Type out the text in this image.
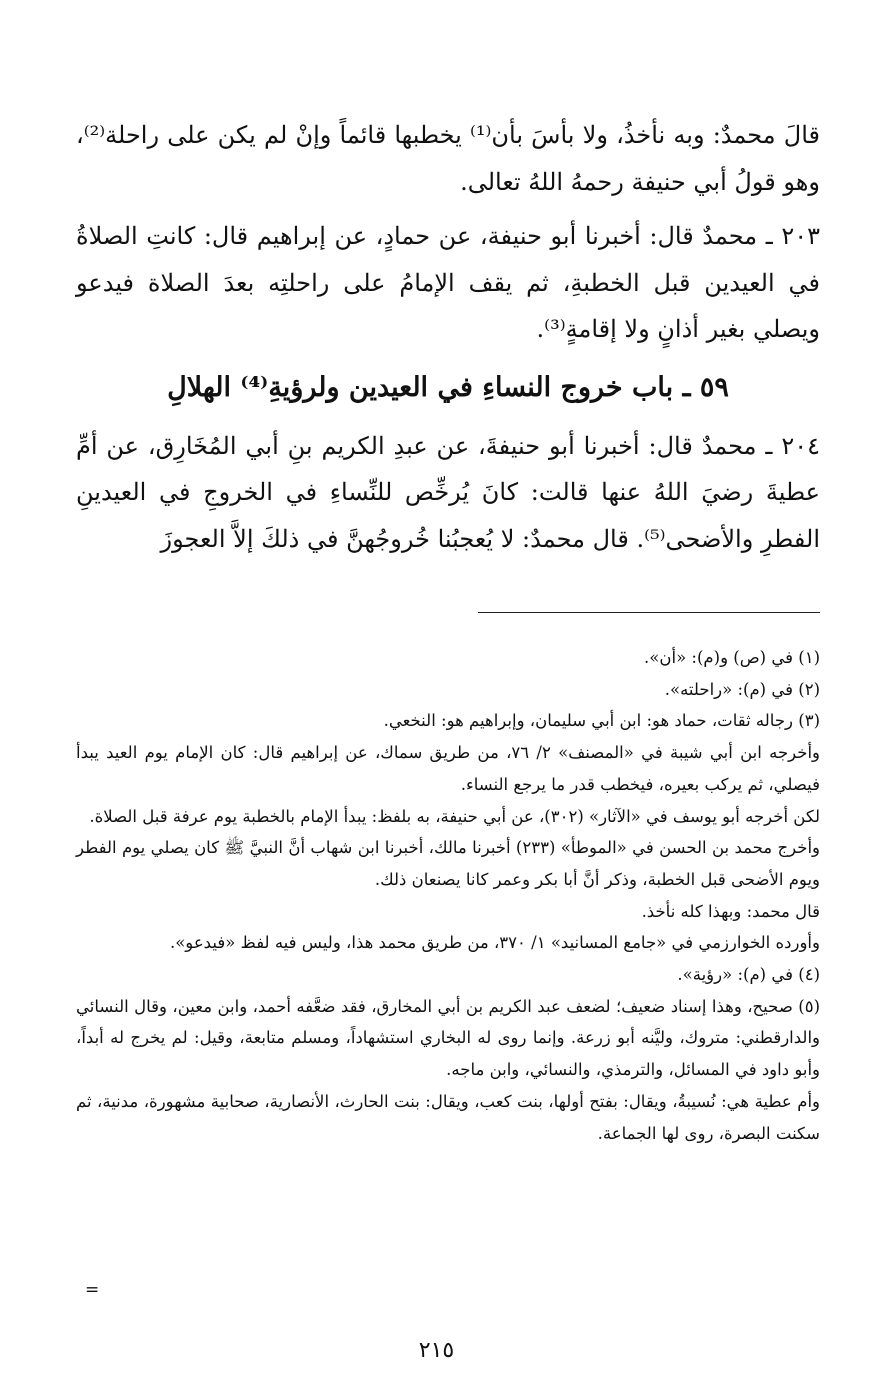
قالَ محمدٌ: وبه نأخذُ، ولا بأسَ بأن⁽¹⁾ يخطبها قائماً وإنْ لم يكن على راحلة⁽²⁾، وهو قولُ أبي حنيفة رحمهُ اللهُ تعالى.

٢٠٣ ـ محمدٌ قال: أخبرنا أبو حنيفة، عن حمادٍ، عن إبراهيم قال: كانتِ الصلاةُ في العيدين قبل الخطبةِ، ثم يقف الإمامُ على راحلتِه بعدَ الصلاة فيدعو ويصلي بغير أذانٍ ولا إقامةٍ⁽³⁾.

٥٩ ـ باب خروج النساءِ في العيدين ولرؤيةِ⁽⁴⁾ الهلالِ

٢٠٤ ـ محمدٌ قال: أخبرنا أبو حنيفةَ، عن عبدِ الكريم بنِ أبي المُخَارِق، عن أمِّ عطيةَ رضيَ اللهُ عنها قالت: كانَ يُرخِّص للنِّساءِ في الخروجِ في العيدينِ الفطرِ والأضحى⁽⁵⁾. قال محمدٌ: لا يُعجبُنا خُروجُهنَّ في ذلكَ إلاَّ العجوزَ

(١) في (ص) و(م): «أن».

(٢) في (م): «راحلته».

(٣) رجاله ثقات، حماد هو: ابن أبي سليمان، وإبراهيم هو: النخعي.

وأخرجه ابن أبي شيبة في «المصنف» ٢/ ٧٦، من طريق سماك، عن إبراهيم قال: كان الإمام يوم العيد يبدأ فيصلي، ثم يركب بعيره، فيخطب قدر ما يرجع النساء.

لكن أخرجه أبو يوسف في «الآثار» (٣٠٢)، عن أبي حنيفة، به بلفظ: يبدأ الإمام بالخطبة يوم عرفة قبل الصلاة.

وأخرج محمد بن الحسن في «الموطأ» (٢٣٣) أخبرنا مالك، أخبرنا ابن شهاب أنَّ النبيَّ ﷺ كان يصلي يوم الفطر ويوم الأضحى قبل الخطبة، وذكر أنَّ أبا بكر وعمر كانا يصنعان ذلك.

قال محمد: وبهذا كله نأخذ.

وأورده الخوارزمي في «جامع المسانيد» ١/ ٣٧٠، من طريق محمد هذا، وليس فيه لفظ «فيدعو».

(٤) في (م): «رؤية».

(٥) صحيح، وهذا إسناد ضعيف؛ لضعف عبد الكريم بن أبي المخارق، فقد ضعَّفه أحمد، وابن معين، وقال النسائي والدارقطني: متروك، وليَّنه أبو زرعة. وإنما روى له البخاري استشهاداً، ومسلم متابعة، وقيل: لم يخرج له أبداً، وأبو داود في المسائل، والترمذي، والنسائي، وابن ماجه.

وأم عطية هي: نُسيبةُ، ويقال: بفتح أولها، بنت كعب، ويقال: بنت الحارث، الأنصارية، صحابية مشهورة، مدنية، ثم سكنت البصرة، روى لها الجماعة.

=
٢١٥
